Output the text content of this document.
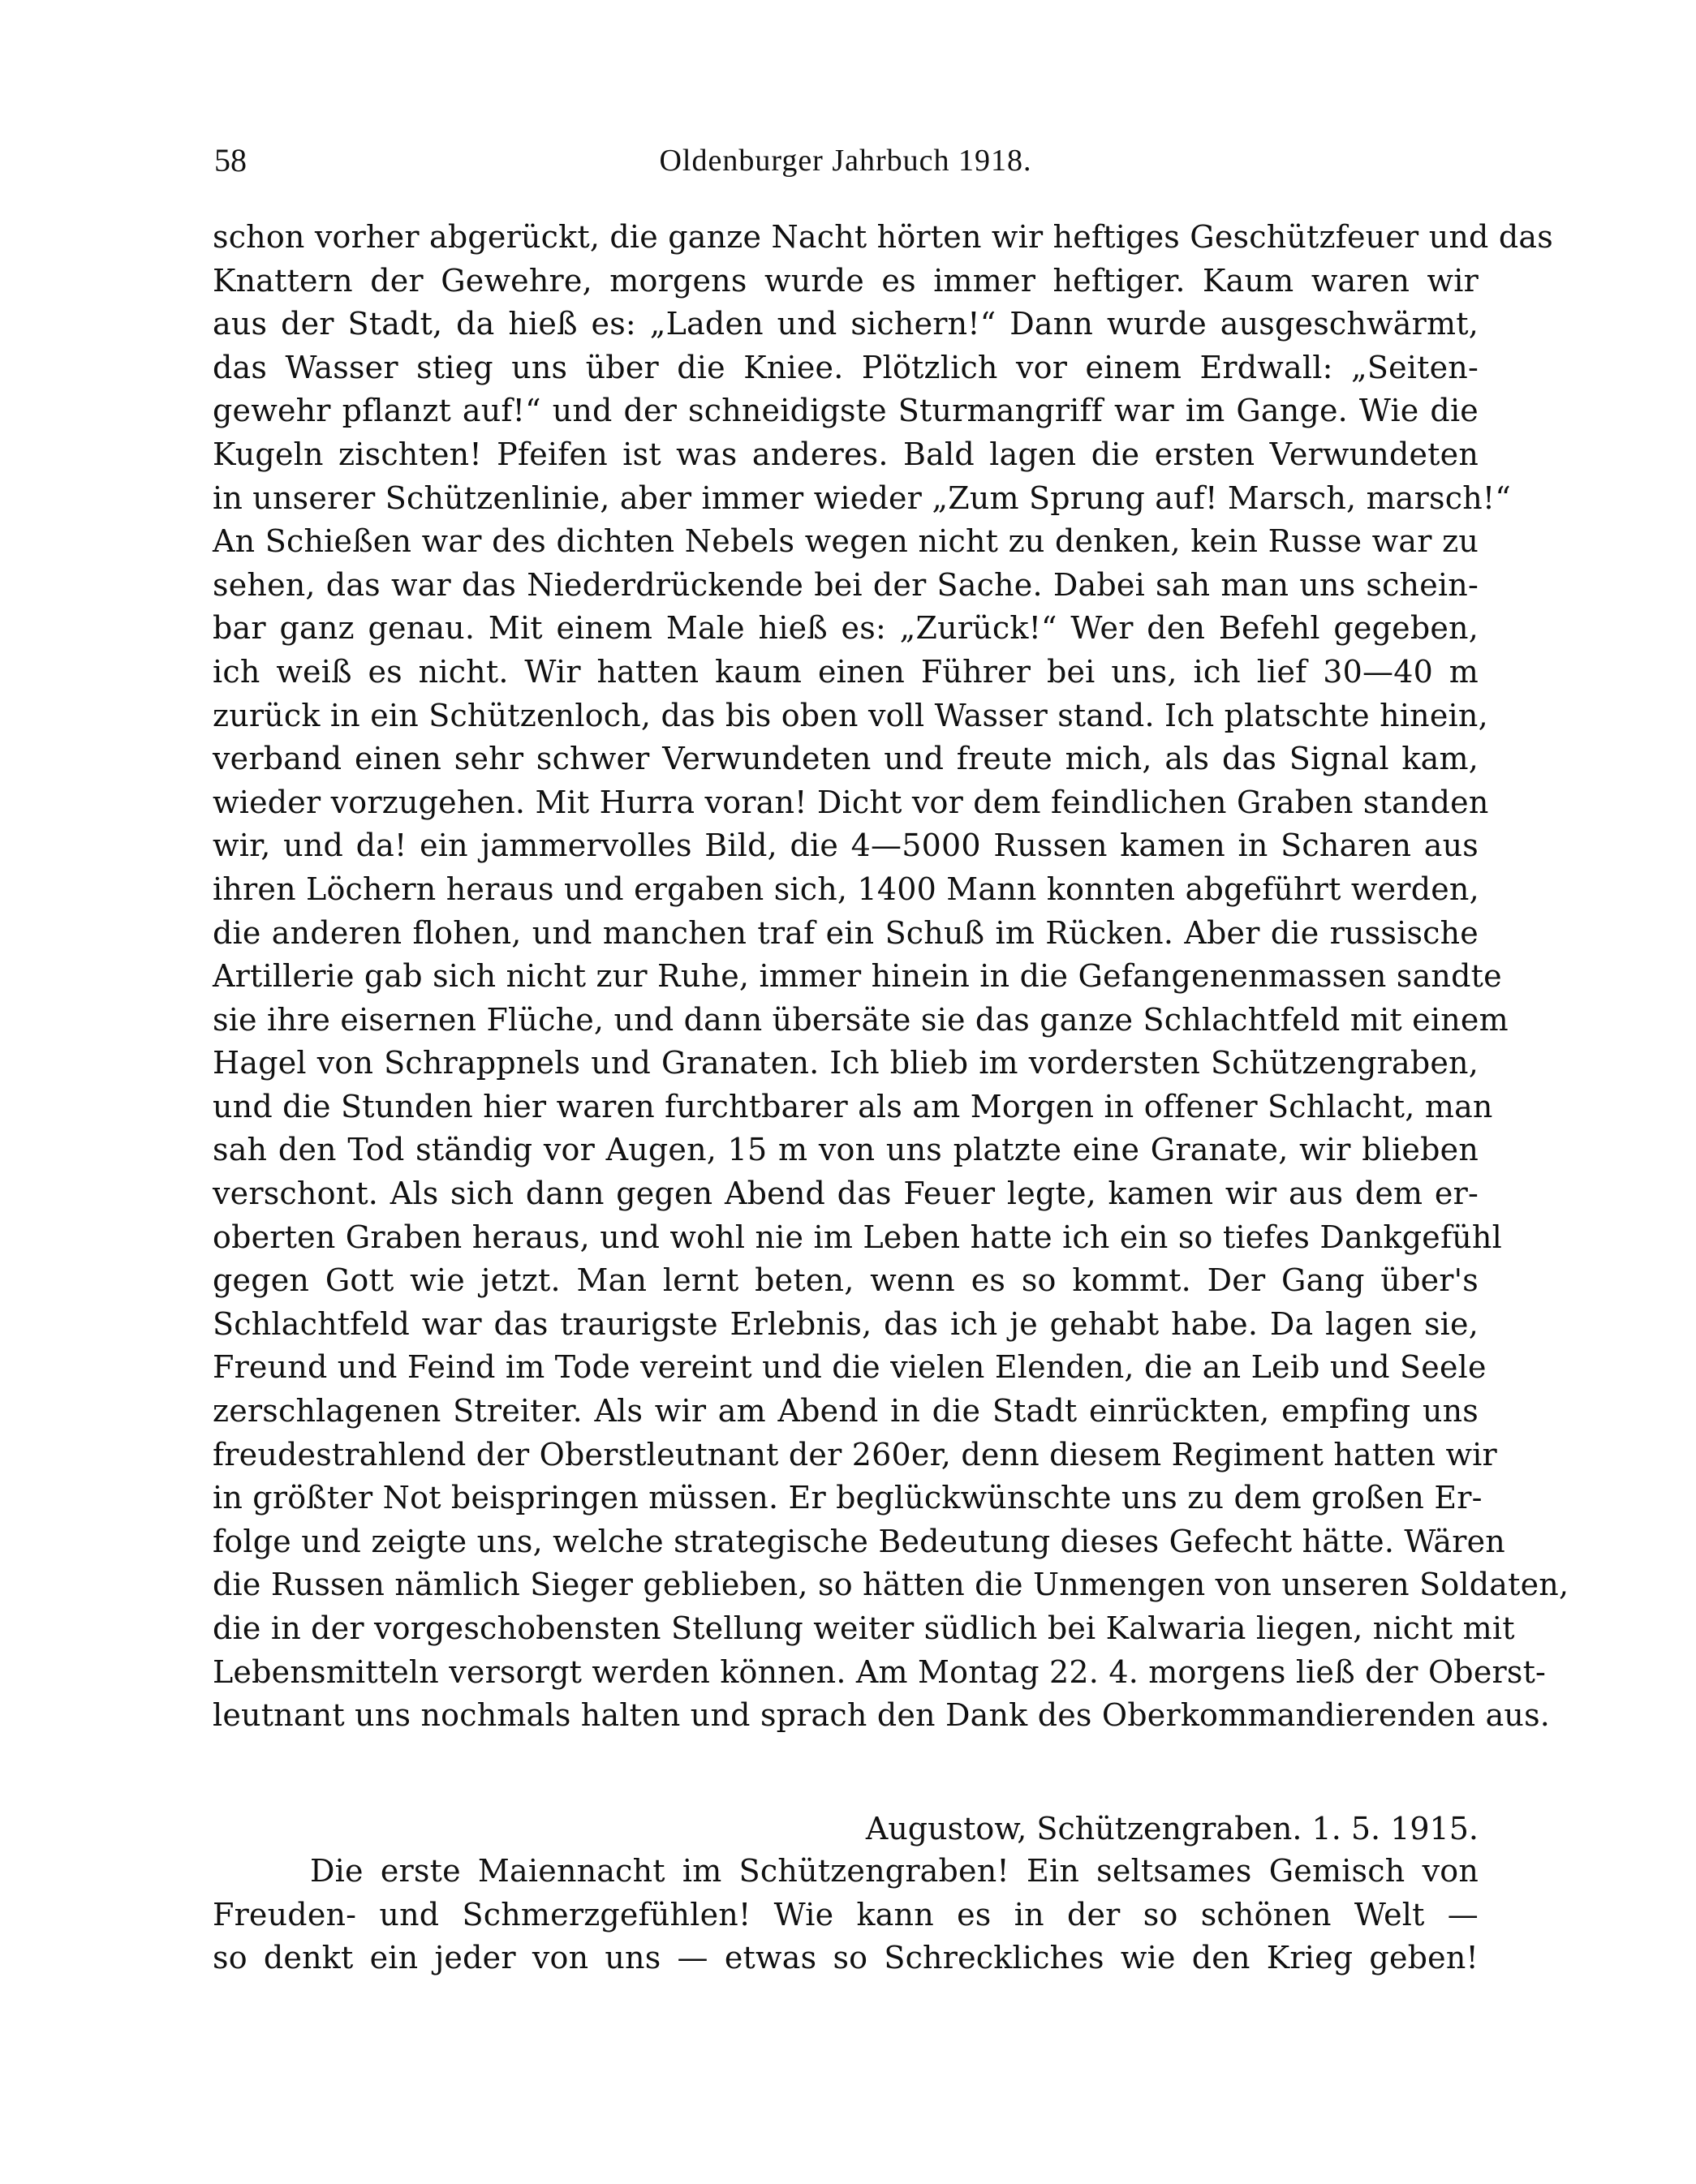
58	Oldenburger Jahrbuch 1918.
schon vorher abgerückt, die ganze Nacht hörten wir heftiges Geschützfeuer und das
Knattern der Gewehre, morgens wurde es immer heftiger. Kaum waren wir
aus der Stadt, da hieß es: „Laden und sichern!“ Dann wurde ausgeschwärmt,
das Wasser stieg uns über die Kniee. Plötzlich vor einem Erdwall: „Seiten-
gewehr pflanzt auf!“ und der schneidigste Sturmangriff war im Gange. Wie die
Kugeln zischten! Pfeifen ist was anderes. Bald lagen die ersten Verwundeten
in unserer Schützenlinie, aber immer wieder „Zum Sprung auf! Marsch, marsch!“
An Schießen war des dichten Nebels wegen nicht zu denken, kein Russe war zu
sehen, das war das Niederdrückende bei der Sache. Dabei sah man uns schein-
bar ganz genau. Mit einem Male hieß es: „Zurück!“ Wer den Befehl gegeben,
ich weiß es nicht. Wir hatten kaum einen Führer bei uns, ich lief 30—40 m
zurück in ein Schützenloch, das bis oben voll Wasser stand. Ich platschte hinein,
verband einen sehr schwer Verwundeten und freute mich, als das Signal kam,
wieder vorzugehen. Mit Hurra voran! Dicht vor dem feindlichen Graben standen
wir, und da! ein jammervolles Bild, die 4—5000 Russen kamen in Scharen aus
ihren Löchern heraus und ergaben sich, 1400 Mann konnten abgeführt werden,
die anderen flohen, und manchen traf ein Schuß im Rücken. Aber die russische
Artillerie gab sich nicht zur Ruhe, immer hinein in die Gefangenenmassen sandte
sie ihre eisernen Flüche, und dann übersäte sie das ganze Schlachtfeld mit einem
Hagel von Schrappnels und Granaten. Ich blieb im vordersten Schützengraben,
und die Stunden hier waren furchtbarer als am Morgen in offener Schlacht, man
sah den Tod ständig vor Augen, 15 m von uns platzte eine Granate, wir blieben
verschont. Als sich dann gegen Abend das Feuer legte, kamen wir aus dem er-
oberten Graben heraus, und wohl nie im Leben hatte ich ein so tiefes Dankgefühl
gegen Gott wie jetzt. Man lernt beten, wenn es so kommt. Der Gang über's
Schlachtfeld war das traurigste Erlebnis, das ich je gehabt habe. Da lagen sie,
Freund und Feind im Tode vereint und die vielen Elenden, die an Leib und Seele
zerschlagenen Streiter. Als wir am Abend in die Stadt einrückten, empfing uns
freudestrahlend der Oberstleutnant der 260er, denn diesem Regiment hatten wir
in größter Not beispringen müssen. Er beglückwünschte uns zu dem großen Er-
folge und zeigte uns, welche strategische Bedeutung dieses Gefecht hätte. Wären
die Russen nämlich Sieger geblieben, so hätten die Unmengen von unseren Soldaten,
die in der vorgeschobensten Stellung weiter südlich bei Kalwaria liegen, nicht mit
Lebensmitteln versorgt werden können. Am Montag 22. 4. morgens ließ der Oberst-
leutnant uns nochmals halten und sprach den Dank des Oberkommandierenden aus.
Augustow, Schützengraben. 1. 5. 1915.
Die erste Maiennacht im Schützengraben! Ein seltsames Gemisch von
Freuden- und Schmerzgefühlen! Wie kann es in der so schönen Welt —
so denkt ein jeder von uns — etwas so Schreckliches wie den Krieg geben!
